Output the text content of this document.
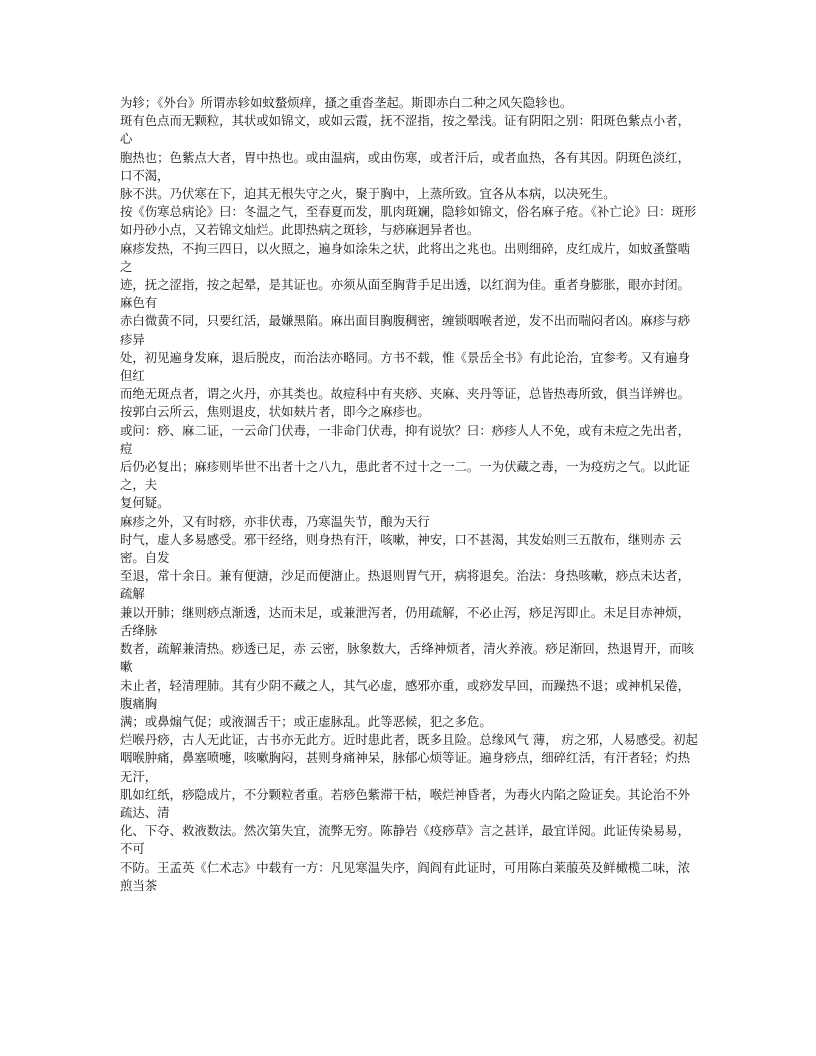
为轸；《外台》所谓赤轸如蚊蝥烦痒，搔之重沓垄起。斯即赤白二种之风矢隐轸也。

斑有色点而无颗粒，其状或如锦文，或如云霞，抚不涩指，按之晕浅。证有阴阳之别：阳斑色紫点小者，心

胞热也；色紫点大者，胃中热也。或由温病，或由伤寒，或者汗后，或者血热，各有其因。阴斑色淡红，口不渴，

脉不洪。乃伏寒在下，迫其无根失守之火，聚于胸中，上蒸所致。宜各从本病，以决死生。

按《伤寒总病论》曰：冬温之气，至春夏而发，肌肉斑斓，隐轸如锦文，俗名麻子疮。《补亡论》曰：斑形

如丹砂小点，又若锦文灿烂。此即热病之斑轸，与痧麻迥异者也。

麻疹发热，不拘三四日，以火照之，遍身如涂朱之状，此将出之兆也。出则细碎，皮红成片，如蚊蚤螫啮之

迹，抚之涩指，按之起晕，是其证也。亦须从面至胸背手足出透，以红润为佳。重者身膨胀，眼亦封闭。麻色有

赤白微黄不同，只要红活，最嫌黑陷。麻出面目胸腹稠密，缠锁咽喉者逆，发不出而喘闷者凶。麻疹与痧疹异

处，初见遍身发麻，退后脱皮，而治法亦略同。方书不载，惟《景岳全书》有此论治，宜参考。又有遍身但红

而绝无斑点者，谓之火丹，亦其类也。故痘科中有夹痧、夹麻、夹丹等证，总皆热毒所致，俱当详辨也。

按郭白云所云，焦则退皮，状如麸片者，即今之麻疹也。

或问：痧、麻二证，一云命门伏毒，一非命门伏毒，抑有说欤？曰：痧疹人人不免，或有未痘之先出者，痘

后仍必复出；麻疹则毕世不出者十之八九，患此者不过十之一二。一为伏藏之毒，一为疫疠之气。以此证之，夫

复何疑。

麻疹之外，又有时痧，亦非伏毒，乃寒温失节，酿为天行

时气，虚人多易感受。邪干经络，则身热有汗，咳嗽，神安，口不甚渴，其发始则三五散布，继则赤 云密。自发

至退，常十余日。兼有便溏，沙足而便溏止。热退则胃气开，病将退矣。治法：身热咳嗽，痧点未达者，疏解

兼以开肺；继则痧点渐透，达而未足，或兼泄泻者，仍用疏解，不必止泻，痧足泻即止。未足目赤神烦，舌绛脉

数者，疏解兼清热。痧透已足，赤 云密，脉象数大，舌绛神烦者，清火养液。痧足渐回，热退胃开，而咳嗽

未止者，轻清理肺。其有少阴不藏之人，其气必虚，感邪亦重，或痧发早回，而躁热不退；或神机呆倦，腹痛胸

满；或鼻煽气促；或液涸舌干；或正虚脉乱。此等恶候，犯之多危。

烂喉丹痧，古人无此证，古书亦无此方。近时患此者，既多且险。总缘风气 薄， 疠之邪，人易感受。初起

咽喉肿痛，鼻塞喷嚏，咳嗽胸闷，甚则身痛神呆，脉郁心烦等证。遍身痧点，细碎红活，有汗者轻；灼热无汗，

肌如红纸，痧隐成片，不分颗粒者重。若痧色紫滞干枯，喉烂神昏者，为毒火内陷之险证矣。其论治不外疏达、清

化、下夺、救液数法。然次第失宜，流弊无穷。陈静岩《疫痧草》言之甚详，最宜详阅。此证传染易易，不可

不防。王孟英《仁术志》中载有一方：凡见寒温失序，阎阎有此证时，可用陈白莱菔英及鲜橄榄二味，浓煎当茶
